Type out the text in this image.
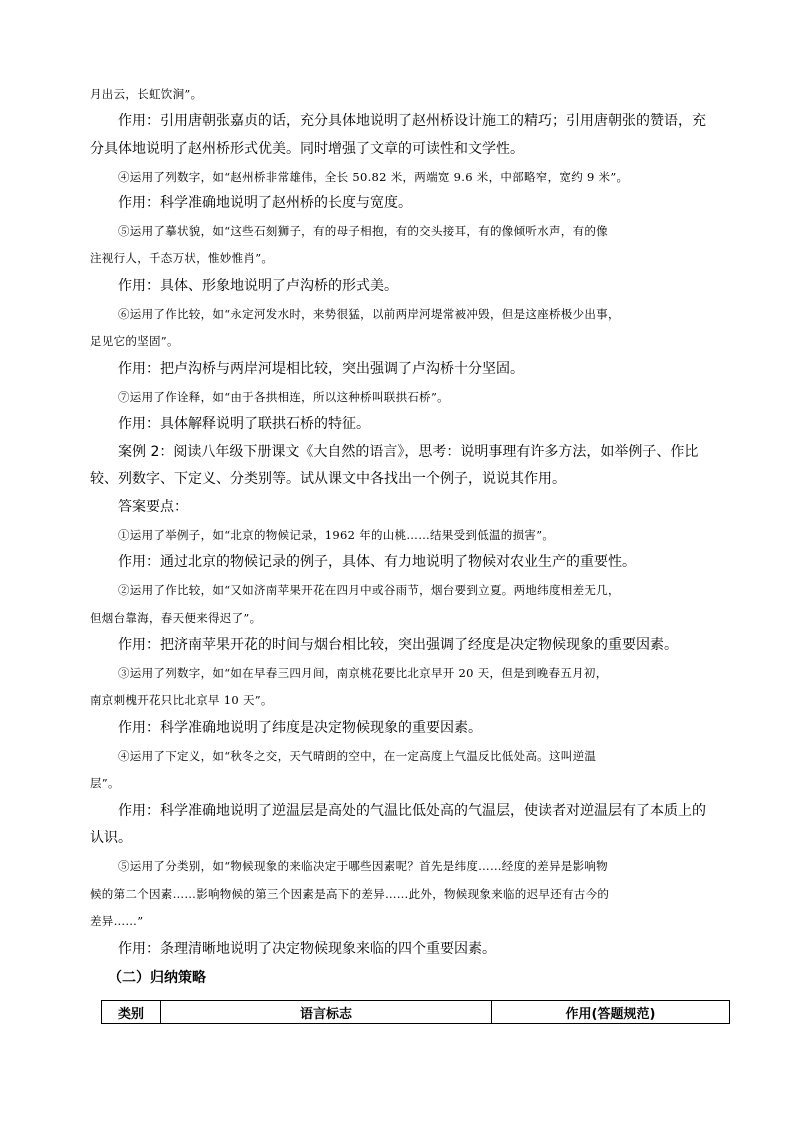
月出云，长虹饮涧”。
作用：引用唐朝张嘉贞的话，充分具体地说明了赵州桥设计施工的精巧；引用唐朝张的赞语，充
分具体地说明了赵州桥形式优美。同时增强了文章的可读性和文学性。
④运用了列数字，如“赵州桥非常雄伟，全长 50.82 米，两端宽 9.6 米，中部略窄，宽约 9 米”。
作用：科学准确地说明了赵州桥的长度与宽度。
⑤运用了摹状貌，如“这些石刻狮子，有的母子相抱，有的交头接耳，有的像倾听水声，有的像
注视行人，千态万状，惟妙惟肖”。
作用：具体、形象地说明了卢沟桥的形式美。
⑥运用了作比较，如“永定河发水时，来势很猛，以前两岸河堤常被冲毁，但是这座桥极少出事，
足见它的坚固”。
作用：把卢沟桥与两岸河堤相比较，突出强调了卢沟桥十分坚固。
⑦运用了作诠释，如“由于各拱相连，所以这种桥叫联拱石桥”。
作用：具体解释说明了联拱石桥的特征。
案例 2：阅读八年级下册课文《大自然的语言》，思考：说明事理有许多方法，如举例子、作比
较、列数字、下定义、分类别等。试从课文中各找出一个例子，说说其作用。
答案要点：
①运用了举例子，如“北京的物候记录，1962 年的山桃……结果受到低温的损害”。
作用：通过北京的物候记录的例子，具体、有力地说明了物候对农业生产的重要性。
②运用了作比较，如“又如济南苹果开花在四月中或谷雨节，烟台要到立夏。两地纬度相差无几，
但烟台靠海，春天便来得迟了”。
作用：把济南苹果开花的时间与烟台相比较，突出强调了经度是决定物候现象的重要因素。
③运用了列数字，如“如在早春三四月间，南京桃花要比北京早开 20 天，但是到晚春五月初，
南京刺槐开花只比北京早 10 天”。
作用：科学准确地说明了纬度是决定物候现象的重要因素。
④运用了下定义，如“秋冬之交，天气晴朗的空中，在一定高度上气温反比低处高。这叫逆温
层”。
作用：科学准确地说明了逆温层是高处的气温比低处高的气温层，使读者对逆温层有了本质上的
认识。
⑤运用了分类别，如“物候现象的来临决定于哪些因素呢？首先是纬度……经度的差异是影响物
候的第二个因素……影响物候的第三个因素是高下的差异……此外，物候现象来临的迟早还有古今的
差异……”
作用：条理清晰地说明了决定物候现象来临的四个重要因素。
（二）归纳策略
类别	语言标志	作用(答题规范)
